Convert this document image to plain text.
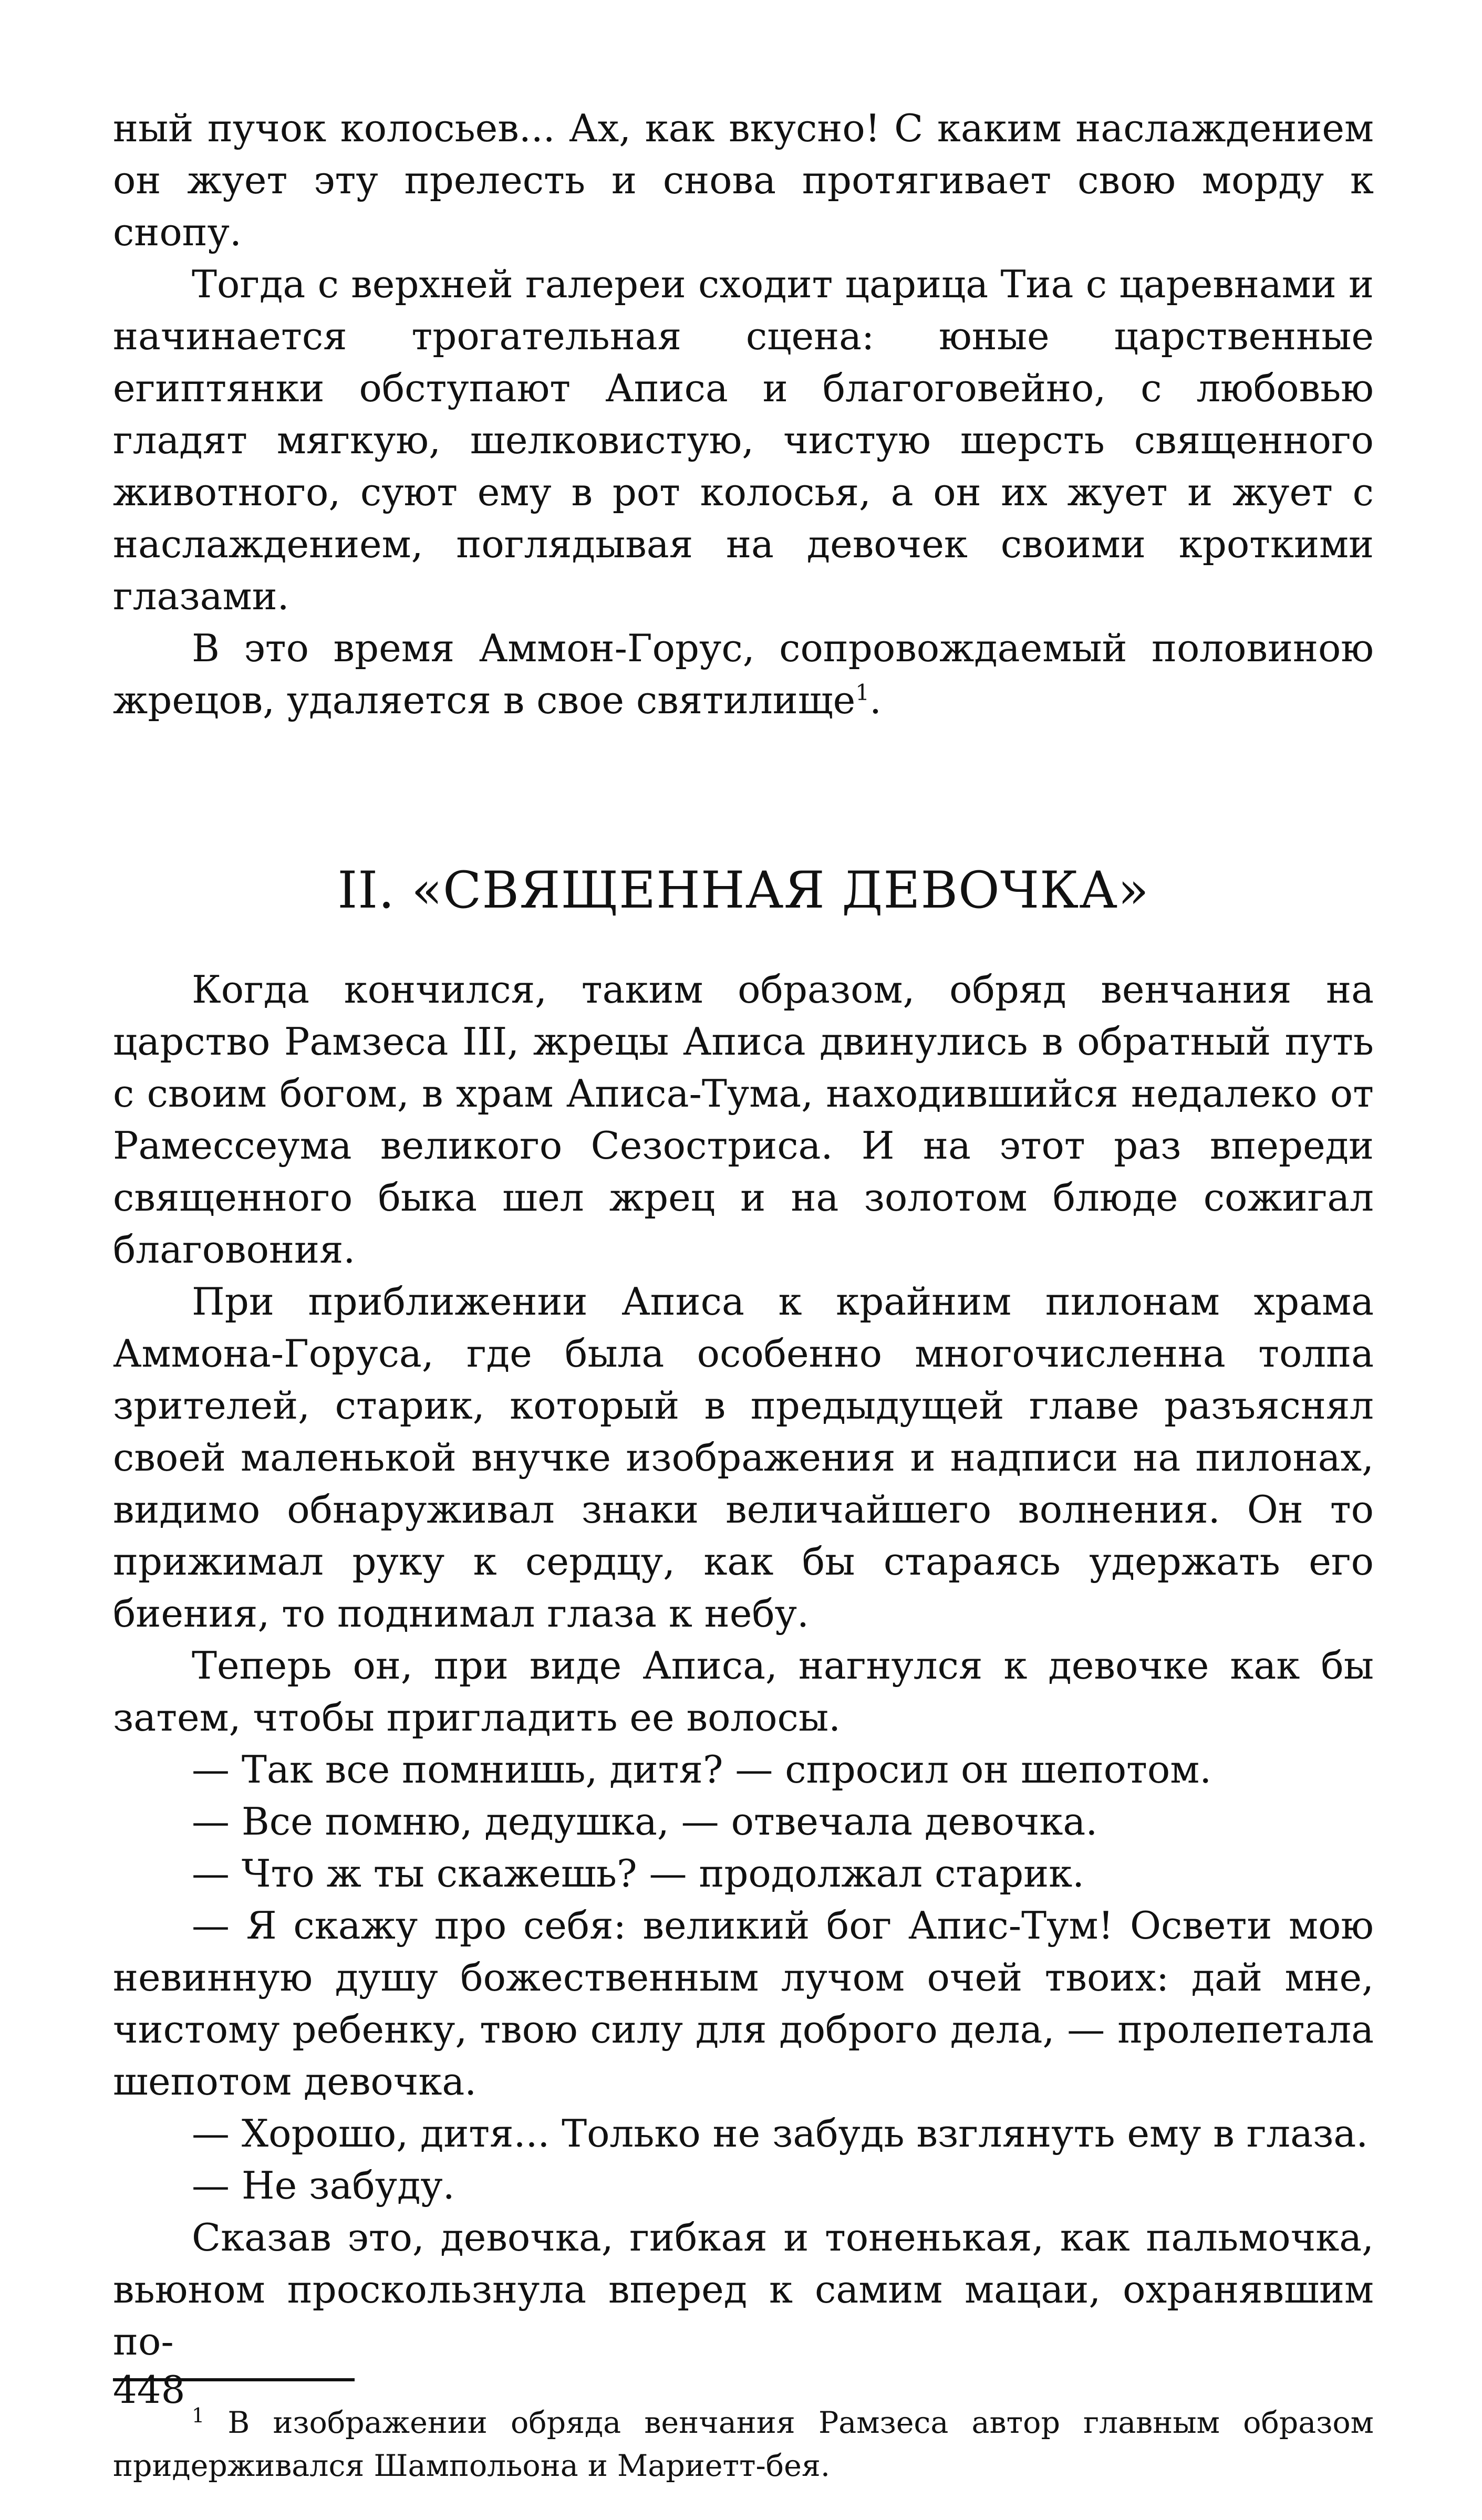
ный пучок колосьев... Ах, как вкусно! С каким наслаждением он жует эту прелесть и снова протягивает свою морду к снопу.

Тогда с верхней галереи сходит царица Тиа с царевнами и начинается трогательная сцена: юные царственные египтянки обступают Аписа и благоговейно, с любовью гладят мягкую, шелковистую, чистую шерсть священного животного, суют ему в рот колосья, а он их жует и жует с наслаждением, поглядывая на девочек своими кроткими глазами.

В это время Аммон-Горус, сопровождаемый половиною жрецов, удаляется в свое святилище$^1$.

II. «СВЯЩЕННАЯ ДЕВОЧКА»

Когда кончился, таким образом, обряд венчания на царство Рамзеса III, жрецы Аписа двинулись в обратный путь с своим богом, в храм Аписа-Тума, находившийся недалеко от Рамессеума великого Сезостриса. И на этот раз впереди священного быка шел жрец и на золотом блюде сожигал благовония.

При приближении Аписа к крайним пилонам храма Аммона-Горуса, где была особенно многочисленна толпа зрителей, старик, который в предыдущей главе разъяснял своей маленькой внучке изображения и надписи на пилонах, видимо обнаруживал знаки величайшего волнения. Он то прижимал руку к сердцу, как бы стараясь удержать его биения, то поднимал глаза к небу.

Теперь он, при виде Аписа, нагнулся к девочке как бы затем, чтобы пригладить ее волосы.

— Так все помнишь, дитя? — спросил он шепотом.

— Все помню, дедушка, — отвечала девочка.

— Что ж ты скажешь? — продолжал старик.

— Я скажу про себя: великий бог Апис-Тум! Освети мою невинную душу божественным лучом очей твоих: дай мне, чистому ребенку, твою силу для доброго дела, — пролепетала шепотом девочка.

— Хорошо, дитя... Только не забудь взглянуть ему в глаза.

— Не забуду.

Сказав это, девочка, гибкая и тоненькая, как пальмочка, вьюном проскользнула вперед к самим мацаи, охранявшим по-

$^1$ В изображении обряда венчания Рамзеса автор главным образом придерживался Шампольона и Мариетт-бея.

448
